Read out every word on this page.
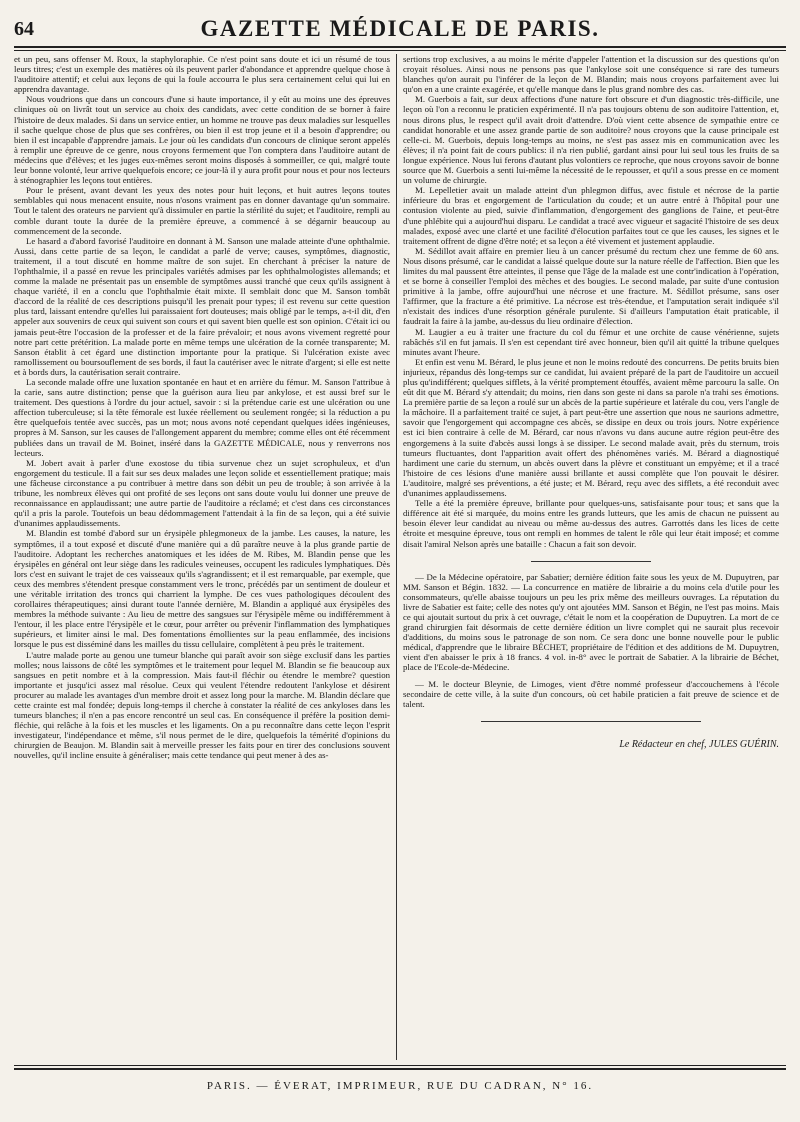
64	GAZETTE MÉDICALE DE PARIS.

et un peu, sans offenser M. Roux, la staphyloraphie. Ce n'est point sans doute et ici un résumé de tous leurs titres; c'est un exemple des matières où ils peuvent parler d'abondance et apprendre quelque chose à l'auditoire attentif; et celui aux leçons de qui la foule accourra le plus sera certainement celui qui lui en apprendra davantage.

Nous voudrions que dans un concours d'une si haute importance, il y eût au moins une des épreuves cliniques où on livrât tout un service au choix des candidats, avec cette condition de se borner à faire l'histoire de deux malades. Si dans un service entier, un homme ne trouve pas deux maladies sur lesquelles il sache quelque chose de plus que ses confrères, ou bien il est trop jeune et il a besoin d'apprendre; ou bien il est incapable d'apprendre jamais. Le jour où les candidats d'un concours de clinique seront appelés à remplir une épreuve de ce genre, nous croyons fermement que l'on comptera dans l'auditoire autant de médecins que d'élèves; et les juges eux-mêmes seront moins disposés à sommeiller, ce qui, malgré toute leur bonne volonté, leur arrive quelquefois encore; ce jour-là il y aura profit pour nous et pour nos lecteurs à sténographier les leçons tout entières.

Pour le présent, avant devant les yeux des notes pour huit leçons, et huit autres leçons toutes semblables qui nous menacent ensuite, nous n'osons vraiment pas en donner davantage qu'un sommaire. Tout le talent des orateurs ne parvient qu'à dissimuler en partie la stérilité du sujet; et l'auditoire, rempli au comble durant toute la durée de la première épreuve, a commencé à se dégarnir beaucoup au commencement de la seconde.

Le hasard a d'abord favorisé l'auditoire en donnant à M. Sanson une malade atteinte d'une ophthalmie. Aussi, dans cette partie de sa leçon, le candidat a parlé de verve; causes, symptômes, diagnostic, traitement, il a tout discuté en homme maître de son sujet. En cherchant à préciser la nature de l'ophthalmie, il a passé en revue les principales variétés admises par les ophthalmologistes allemands; et comme la malade ne présentait pas un ensemble de symptômes aussi tranché que ceux qu'ils assignent à chaque variété, il en a conclu que l'ophthalmie était mixte. Il semblait donc que M. Sanson tombât d'accord de la réalité de ces descriptions puisqu'il les prenait pour types; il est revenu sur cette question plus tard, laissant entendre qu'elles lui paraissaient fort douteuses; mais obligé par le temps, a-t-il dit, d'en appeler aux souvenirs de ceux qui suivent son cours et qui savent bien quelle est son opinion. C'était ici ou jamais peut-être l'occasion de la professer et de la faire prévaloir; et nous avons vivement regretté pour notre part cette prétérition. La malade porte en même temps une ulcération de la cornée transparente; M. Sanson établit à cet égard une distinction importante pour la pratique. Si l'ulcération existe avec ramollissement ou boursouflement de ses bords, il faut la cautériser avec le nitrate d'argent; si elle est nette et à bords durs, la cautérisation serait contraire.

La seconde malade offre une luxation spontanée en haut et en arrière du fémur. M. Sanson l'attribue à la carie, sans autre distinction; pense que la guérison aura lieu par ankylose, et est aussi bref sur le traitement. Des questions à l'ordre du jour actuel, savoir : si la prétendue carie est une ulcération ou une affection tuberculeuse; si la tête fémorale est luxée réellement ou seulement rongée; si la réduction a pu être quelquefois tentée avec succès, pas un mot; nous avons noté cependant quelques idées ingénieuses, propres à M. Sanson, sur les causes de l'allongement apparent du membre; comme elles ont été récemment publiées dans un travail de M. Boinet, inséré dans la GAZETTE MÉDICALE, nous y renverrons nos lecteurs.

M. Jobert avait à parler d'une exostose du tibia survenue chez un sujet scrophuleux, et d'un engorgement du testicule. Il a fait sur ses deux malades une leçon solide et essentiellement pratique; mais une fâcheuse circonstance a pu contribuer à mettre dans son débit un peu de trouble; à son arrivée à la tribune, les nombreux élèves qui ont profité de ses leçons ont sans doute voulu lui donner une preuve de reconnaissance en applaudissant; une autre partie de l'auditoire a réclamé; et c'est dans ces circonstances qu'il a pris la parole. Toutefois un beau dédommagement l'attendait à la fin de sa leçon, qui a été suivie d'unanimes applaudissements.

M. Blandin est tombé d'abord sur un érysipèle phlegmoneux de la jambe. Les causes, la nature, les symptômes, il a tout exposé et discuté d'une manière qui a dû paraître neuve à la plus grande partie de l'auditoire. Adoptant les recherches anatomiques et les idées de M. Ribes, M. Blandin pense que les érysipèles en général ont leur siège dans les radicules veineuses, occupent les radicules lymphatiques. Dès lors c'est en suivant le trajet de ces vaisseaux qu'ils s'agrandissent; et il est remarquable, par exemple, que ceux des membres s'étendent presque constamment vers le tronc, précédés par un sentiment de douleur et une véritable irritation des troncs qui charrient la lymphe. De ces vues pathologiques découlent des corollaires thérapeutiques; ainsi durant toute l'année dernière, M. Blandin a appliqué aux érysipèles des membres la méthode suivante : Au lieu de mettre des sangsues sur l'érysipèle même ou indifféremment à l'entour, il les place entre l'érysipèle et le cœur, pour arrêter ou prévenir l'inflammation des lymphatiques supérieurs, et limiter ainsi le mal. Des fomentations émollientes sur la peau enflammée, des incisions lorsque le pus est disséminé dans les mailles du tissu cellulaire, complètent à peu près le traitement.

L'autre malade porte au genou une tumeur blanche qui paraît avoir son siège exclusif dans les parties molles; nous laissons de côté les symptômes et le traitement pour lequel M. Blandin se fie beaucoup aux sangsues en petit nombre et à la compression. Mais faut-il fléchir ou étendre le membre? question importante et jusqu'ici assez mal résolue. Ceux qui veulent l'étendre redoutent l'ankylose et désirent procurer au malade les avantages d'un membre droit et assez long pour la marche. M. Blandin déclare que cette crainte est mal fondée; depuis long-temps il cherche à constater la réalité de ces ankyloses dans les tumeurs blanches; il n'en a pas encore rencontré un seul cas. En conséquence il préfère la position demi-fléchie, qui relâche à la fois et les muscles et les ligaments. On a pu reconnaître dans cette leçon l'esprit investigateur, l'indépendance et même, s'il nous permet de le dire, quelquefois la témérité d'opinions du chirurgien de Beaujon. M. Blandin sait à merveille presser les faits pour en tirer des conclusions souvent nouvelles, qu'il incline ensuite à généraliser; mais cette tendance qui peut mener à des as-

sertions trop exclusives, a au moins le mérite d'appeler l'attention et la discussion sur des questions qu'on croyait résolues. Ainsi nous ne pensons pas que l'ankylose soit une conséquence si rare des tumeurs blanches qu'on aurait pu l'inférer de la leçon de M. Blandin; mais nous croyons parfaitement avec lui qu'on en a une crainte exagérée, et qu'elle manque dans le plus grand nombre des cas.

M. Guerbois a fait, sur deux affections d'une nature fort obscure et d'un diagnostic très-difficile, une leçon où l'on a reconnu le praticien expérimenté. Il n'a pas toujours obtenu de son auditoire l'attention, et, nous dirons plus, le respect qu'il avait droit d'attendre. D'où vient cette absence de sympathie entre ce candidat honorable et une assez grande partie de son auditoire? nous croyons que la cause principale est celle-ci. M. Guerbois, depuis long-temps au moins, ne s'est pas assez mis en communication avec les élèves; il n'a point fait de cours publics: il n'a rien publié, gardant ainsi pour lui seul tous les fruits de sa longue expérience. Nous lui ferons d'autant plus volontiers ce reproche, que nous croyons savoir de bonne source que M. Guerbois a senti lui-même la nécessité de le repousser, et qu'il a sous presse en ce moment un volume de chirurgie.

M. Lepelletier avait un malade atteint d'un phlegmon diffus, avec fistule et nécrose de la partie inférieure du bras et engorgement de l'articulation du coude; et un autre entré à l'hôpital pour une contusion violente au pied, suivie d'inflammation, d'engorgement des ganglions de l'aine, et peut-être d'une phlébite qui a aujourd'hui disparu. Le candidat a tracé avec vigueur et sagacité l'histoire de ses deux malades, exposé avec une clarté et une facilité d'élocution parfaites tout ce que les causes, les signes et le traitement offrent de digne d'être noté; et sa leçon a été vivement et justement applaudie.

M. Sédillot avait affaire en premier lieu à un cancer présumé du rectum chez une femme de 60 ans. Nous disons présumé, car le candidat a laissé quelque doute sur la nature réelle de l'affection. Bien que les limites du mal paussent être atteintes, il pense que l'âge de la malade est une contr'indication à l'opération, et se borne à conseiller l'emploi des mèches et des bougies. Le second malade, par suite d'une contusion primitive à la jambe, offre aujourd'hui une nécrose et une fracture. M. Sédillot présume, sans oser l'affirmer, que la fracture a été primitive. La nécrose est très-étendue, et l'amputation serait indiquée s'il n'existait des indices d'une résorption générale purulente. Si d'ailleurs l'amputation était praticable, il faudrait la faire à la jambe, au-dessus du lieu ordinaire d'élection.

M. Laugier a eu à traiter une fracture du col du fémur et une orchite de cause vénérienne, sujets rabâchés s'il en fut jamais. Il s'en est cependant tiré avec honneur, bien qu'il ait quitté la tribune quelques minutes avant l'heure.

Et enfin est venu M. Bérard, le plus jeune et non le moins redouté des concurrens. De petits bruits bien injurieux, répandus dès long-temps sur ce candidat, lui avaient préparé de la part de l'auditoire un accueil plus qu'indifférent; quelques sifflets, à la vérité promptement étouffés, avaient même parcouru la salle. On eût dit que M. Bérard s'y attendait; du moins, rien dans son geste ni dans sa parole n'a trahi ses émotions. La première partie de sa leçon a roulé sur un abcès de la partie supérieure et latérale du cou, vers l'angle de la mâchoire. Il a parfaitement traité ce sujet, à part peut-être une assertion que nous ne saurions admettre, savoir que l'engorgement qui accompagne ces abcès, se dissipe en deux ou trois jours. Notre expérience est ici bien contraire à celle de M. Bérard, car nous n'avons vu dans aucune autre région peut-être des engorgemens à la suite d'abcès aussi longs à se dissiper. Le second malade avait, près du sternum, trois tumeurs fluctuantes, dont l'apparition avait offert des phénomènes variés. M. Bérard a diagnostiqué hardiment une carie du sternum, un abcès ouvert dans la plèvre et constituant un empyème; et il a tracé l'histoire de ces lésions d'une manière aussi brillante et aussi complète que l'on pouvait le désirer. L'auditoire, malgré ses préventions, a été juste; et M. Bérard, reçu avec des sifflets, a été reconduit avec d'unanimes applaudissemens.

Telle a été la première épreuve, brillante pour quelques-uns, satisfaisante pour tous; et sans que la différence ait été si marquée, du moins entre les grands lutteurs, que les amis de chacun ne puissent au besoin élever leur candidat au niveau ou même au-dessus des autres. Garrottés dans les lices de cette étroite et mesquine épreuve, tous ont rempli en hommes de talent le rôle qui leur était imposé; et comme disait l'amiral Nelson après une bataille : Chacun a fait son devoir.

— De la Médecine opératoire, par Sabatier; dernière édition faite sous les yeux de M. Dupuytren, par MM. Sanson et Bégin. 1832. — La concurrence en matière de librairie a du moins cela d'utile pour les consommateurs, qu'elle abaisse toujours un peu les prix même des meilleurs ouvrages. La réputation du livre de Sabatier est faite; celle des notes qu'y ont ajoutées MM. Sanson et Bégin, ne l'est pas moins. Mais ce qui ajoutait surtout du prix à cet ouvrage, c'était le nom et la coopération de Dupuytren. La mort de ce grand chirurgien fait désormais de cette dernière édition un livre complet qui ne saurait plus recevoir d'additions, du moins sous le patronage de son nom. Ce sera donc une bonne nouvelle pour le public médical, d'apprendre que le libraire BÉCHET, propriétaire de l'édition et des additions de M. Dupuytren, vient d'en abaisser le prix à 18 francs. 4 vol. in-8° avec le portrait de Sabatier. A la librairie de Béchet, place de l'Ecole-de-Médecine.

— M. le docteur Bleynie, de Limoges, vient d'être nommé professeur d'accouchemens à l'école secondaire de cette ville, à la suite d'un concours, où cet habile praticien a fait preuve de science et de talent.

Le Rédacteur en chef, JULES GUÉRIN.
PARIS. — ÉVERAT, IMPRIMEUR, RUE DU CADRAN, N° 16.
